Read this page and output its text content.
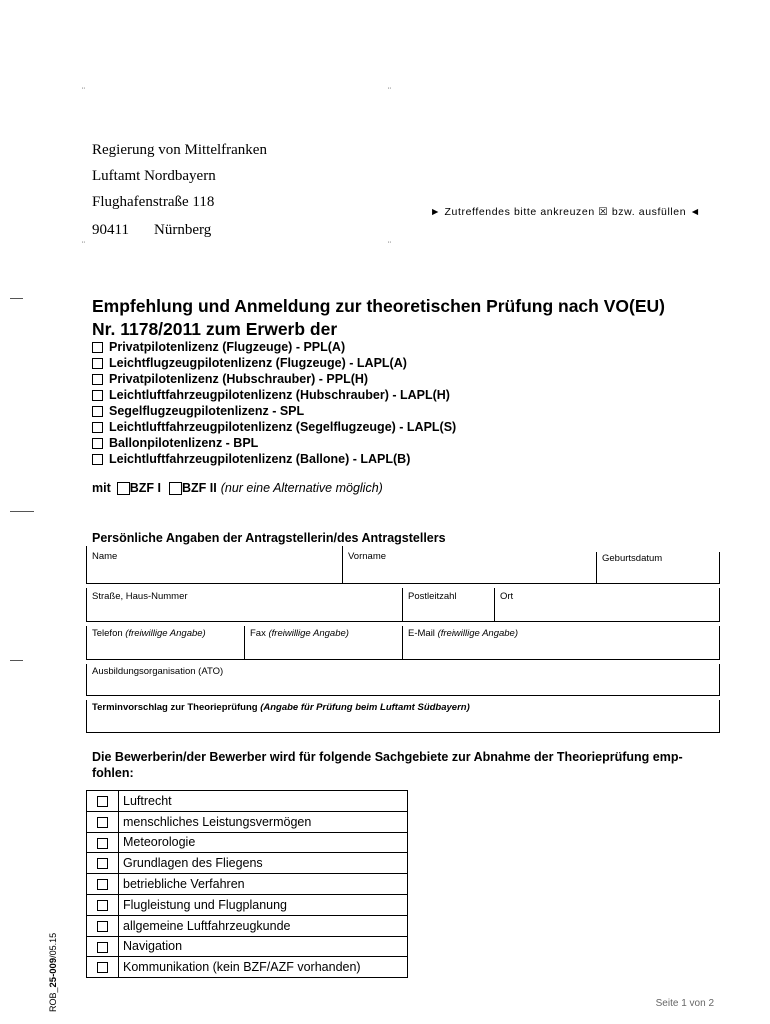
¨	¨
¨	¨
Regierung von Mittelfranken
Luftamt Nordbayern
Flughafenstraße 118
90411 Nürnberg
► Zutreffendes bitte ankreuzen ☒ bzw. ausfüllen ◄
Empfehlung und Anmeldung zur theoretischen Prüfung nach VO(EU)
Nr. 1178/2011 zum Erwerb der
Privatpilotenlizenz (Flugzeuge) - PPL(A)
Leichtflugzeugpilotenlizenz (Flugzeuge) - LAPL(A)
Privatpilotenlizenz (Hubschrauber) - PPL(H)
Leichtluftfahrzeugpilotenlizenz (Hubschrauber) - LAPL(H)
Segelflugzeugpilotenlizenz - SPL
Leichtluftfahrzeugpilotenlizenz (Segelflugzeuge) - LAPL(S)
Ballonpilotenlizenz - BPL
Leichtluftfahrzeugpilotenlizenz (Ballone) - LAPL(B)
mit BZF I BZF II (nur eine Alternative möglich)
Persönliche Angaben der Antragstellerin/des Antragstellers
Name	Vorname	Geburtsdatum
Straße, Haus-Nummer	Postleitzahl	Ort
Telefon (freiwillige Angabe)	Fax (freiwillige Angabe)	E-Mail (freiwillige Angabe)
Ausbildungsorganisation (ATO)
Terminvorschlag zur Theorieprüfung (Angabe für Prüfung beim Luftamt Südbayern)
Die Bewerberin/der Bewerber wird für folgende Sachgebiete zur Abnahme der Theorieprüfung emp-
fohlen:
	Luftrecht
	menschliches Leistungsvermögen
	Meteorologie
	Grundlagen des Fliegens
	betriebliche Verfahren
	Flugleistung und Flugplanung
	allgemeine Luftfahrzeugkunde
	Navigation
	Kommunikation (kein BZF/AZF vorhanden)
ROB_25-009/05.15
Seite 1 von 2
